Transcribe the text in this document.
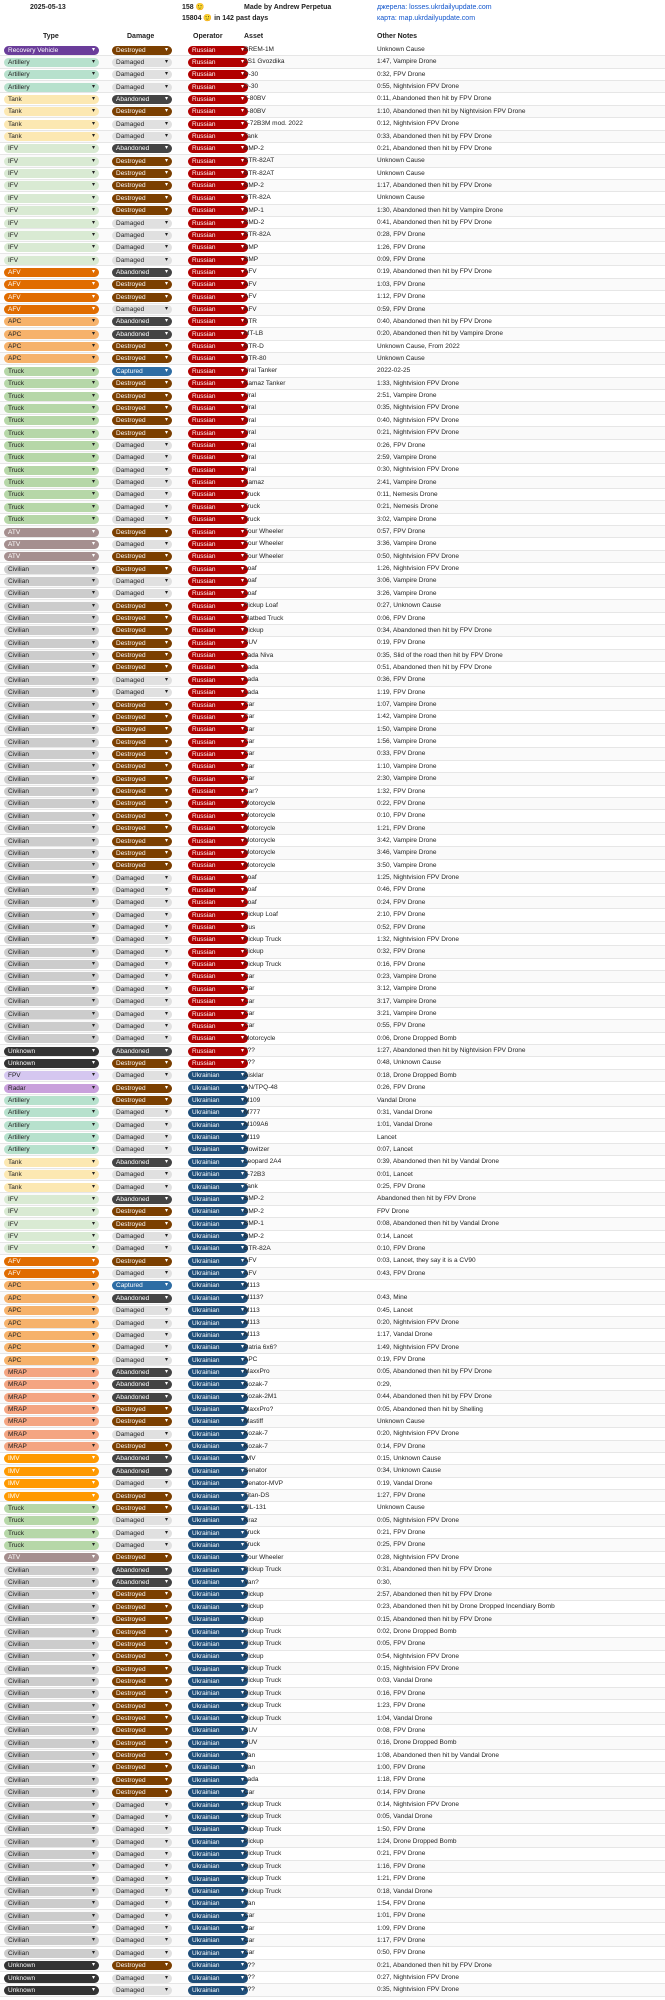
2025-05-13	158 🙂
15804 🙂 in 142 past days
Made by Andrew Perpetua	джерела: losses.ukrdailyupdate.com
карта: map.ukrdailyupdate.com
Type	Damage	Operator	Asset	Other Notes
Recovery Vehicle ▾	Destroyed ▾	Russian ▾	BREM-1M	Unknown Cause
Artillery ▾	Damaged ▾	Russian ▾	2S1 Gvozdika	1:47, Vampire Drone
Artillery ▾	Damaged ▾	Russian ▾	D-30	0:32, FPV Drone
Artillery ▾	Damaged ▾	Russian ▾	D-30	0:55, Nightvision FPV Drone
Tank ▾	Abandoned ▾	Russian ▾	T-80BV	0:11, Abandoned then hit by FPV Drone
Tank ▾	Destroyed ▾	Russian ▾	T-80BV	1:10, Abandoned then hit by Nightvision FPV Drone
Tank ▾	Damaged ▾	Russian ▾	T-72B3M mod. 2022	0:12, Nightvision FPV Drone
Tank ▾	Damaged ▾	Russian ▾	Tank	0:33, Abandoned then hit by FPV Drone
IFV ▾	Abandoned ▾	Russian ▾	BMP-2	0:21, Abandoned then hit by FPV Drone
IFV ▾	Destroyed ▾	Russian ▾	BTR-82AT	Unknown Cause
IFV ▾	Destroyed ▾	Russian ▾	BTR-82AT	Unknown Cause
IFV ▾	Destroyed ▾	Russian ▾	BMP-2	1:17, Abandoned then hit by FPV Drone
IFV ▾	Destroyed ▾	Russian ▾	BTR-82A	Unknown Cause
IFV ▾	Destroyed ▾	Russian ▾	BMP-1	1:30, Abandoned then hit by Vampire Drone
IFV ▾	Damaged ▾	Russian ▾	BMD-2	0:41, Abandoned then hit by FPV Drone
IFV ▾	Damaged ▾	Russian ▾	BTR-82A	0:28, FPV Drone
IFV ▾	Damaged ▾	Russian ▾	BMP	1:26, FPV Drone
IFV ▾	Damaged ▾	Russian ▾	BMP	0:09, FPV Drone
AFV ▾	Abandoned ▾	Russian ▾	AFV	0:19, Abandoned then hit by FPV Drone
AFV ▾	Destroyed ▾	Russian ▾	AFV	1:03, FPV Drone
AFV ▾	Destroyed ▾	Russian ▾	AFV	1:12, FPV Drone
AFV ▾	Damaged ▾	Russian ▾	AFV	0:59, FPV Drone
APC ▾	Abandoned ▾	Russian ▾	BTR	0:40, Abandoned then hit by FPV Drone
APC ▾	Abandoned ▾	Russian ▾	MT-LB	0:20, Abandoned then hit by Vampire Drone
APC ▾	Destroyed ▾	Russian ▾	BTR-D	Unknown Cause, From 2022
APC ▾	Destroyed ▾	Russian ▾	BTR-80	Unknown Cause
Truck ▾	Captured ▾	Russian ▾	Ural Tanker	2022-02-25
Truck ▾	Destroyed ▾	Russian ▾	Kamaz Tanker	1:33, Nightvision FPV Drone
Truck ▾	Destroyed ▾	Russian ▾	Ural	2:51, Vampire Drone
Truck ▾	Destroyed ▾	Russian ▾	Ural	0:35, Nightvision FPV Drone
Truck ▾	Destroyed ▾	Russian ▾	Ural	0:40, Nightvision FPV Drone
Truck ▾	Destroyed ▾	Russian ▾	Ural	0:21, Nightvision FPV Drone
Truck ▾	Damaged ▾	Russian ▾	Ural	0:26, FPV Drone
Truck ▾	Damaged ▾	Russian ▾	Ural	2:59, Vampire Drone
Truck ▾	Damaged ▾	Russian ▾	Ural	0:30, Nightvision FPV Drone
Truck ▾	Damaged ▾	Russian ▾	Kamaz	2:41, Vampire Drone
Truck ▾	Damaged ▾	Russian ▾	Truck	0:11, Nemesis Drone
Truck ▾	Damaged ▾	Russian ▾	Truck	0:21, Nemesis Drone
Truck ▾	Damaged ▾	Russian ▾	Truck	3:02, Vampire Drone
ATV ▾	Destroyed ▾	Russian ▾	Four Wheeler	0:57, FPV Drone
ATV ▾	Damaged ▾	Russian ▾	Four Wheeler	3:36, Vampire Drone
ATV ▾	Destroyed ▾	Russian ▾	Four Wheeler	0:50, Nightvision FPV Drone
Civilian ▾	Destroyed ▾	Russian ▾	Loaf	1:26, Nightvision FPV Drone
Civilian ▾	Damaged ▾	Russian ▾	Loaf	3:06, Vampire Drone
Civilian ▾	Damaged ▾	Russian ▾	Loaf	3:26, Vampire Drone
Civilian ▾	Destroyed ▾	Russian ▾	Pickup Loaf	0:27, Unknown Cause
Civilian ▾	Destroyed ▾	Russian ▾	Flatbed Truck	0:06, FPV Drone
Civilian ▾	Destroyed ▾	Russian ▾	Pickup	0:34, Abandoned then hit by FPV Drone
Civilian ▾	Destroyed ▾	Russian ▾	SUV	0:19, FPV Drone
Civilian ▾	Destroyed ▾	Russian ▾	Lada Niva	0:35, Slid of the road then hit by FPV Drone
Civilian ▾	Destroyed ▾	Russian ▾	Lada	0:51, Abandoned then hit by FPV Drone
Civilian ▾	Damaged ▾	Russian ▾	Lada	0:36, FPV Drone
Civilian ▾	Damaged ▾	Russian ▾	Lada	1:19, FPV Drone
Civilian ▾	Destroyed ▾	Russian ▾	Car	1:07, Vampire Drone
Civilian ▾	Destroyed ▾	Russian ▾	Car	1:42, Vampire Drone
Civilian ▾	Destroyed ▾	Russian ▾	Car	1:50, Vampire Drone
Civilian ▾	Destroyed ▾	Russian ▾	Car	1:56, Vampire Drone
Civilian ▾	Destroyed ▾	Russian ▾	Car	0:33, FPV Drone
Civilian ▾	Destroyed ▾	Russian ▾	Car	1:10, Vampire Drone
Civilian ▾	Destroyed ▾	Russian ▾	Car	2:30, Vampire Drone
Civilian ▾	Destroyed ▾	Russian ▾	Car?	1:32, FPV Drone
Civilian ▾	Destroyed ▾	Russian ▾	Motorcycle	0:22, FPV Drone
Civilian ▾	Destroyed ▾	Russian ▾	Motorcycle	0:10, FPV Drone
Civilian ▾	Destroyed ▾	Russian ▾	Motorcycle	1:21, FPV Drone
Civilian ▾	Destroyed ▾	Russian ▾	Motorcycle	3:42, Vampire Drone
Civilian ▾	Destroyed ▾	Russian ▾	Motorcycle	3:46, Vampire Drone
Civilian ▾	Destroyed ▾	Russian ▾	Motorcycle	3:50, Vampire Drone
Civilian ▾	Damaged ▾	Russian ▾	Loaf	1:25, Nightvision FPV Drone
Civilian ▾	Damaged ▾	Russian ▾	Loaf	0:46, FPV Drone
Civilian ▾	Damaged ▾	Russian ▾	Loaf	0:24, FPV Drone
Civilian ▾	Damaged ▾	Russian ▾	Pickup Loaf	2:10, FPV Drone
Civilian ▾	Damaged ▾	Russian ▾	Bus	0:52, FPV Drone
Civilian ▾	Damaged ▾	Russian ▾	Pickup Truck	1:32, Nightvision FPV Drone
Civilian ▾	Damaged ▾	Russian ▾	Pickup	0:32, FPV Drone
Civilian ▾	Damaged ▾	Russian ▾	Pickup Truck	0:16, FPV Drone
Civilian ▾	Damaged ▾	Russian ▾	Car	0:23, Vampire Drone
Civilian ▾	Damaged ▾	Russian ▾	Car	3:12, Vampire Drone
Civilian ▾	Damaged ▾	Russian ▾	Car	3:17, Vampire Drone
Civilian ▾	Damaged ▾	Russian ▾	Car	3:21, Vampire Drone
Civilian ▾	Damaged ▾	Russian ▾	Car	0:55, FPV Drone
Civilian ▾	Damaged ▾	Russian ▾	Motorcycle	0:06, Drone Dropped Bomb
Unknown ▾	Abandoned ▾	Russian ▾	???	1:27, Abandoned then hit by Nightvision FPV Drone
Unknown ▾	Destroyed ▾	Russian ▾	???	0:48, Unknown Cause
FPV ▾	Damaged ▾	Ukrainian ▾	Aisklar	0:18, Drone Dropped Bomb
Radar ▾	Destroyed ▾	Ukrainian ▾	AN/TPQ-48	0:26, FPV Drone
Artillery ▾	Destroyed ▾	Ukrainian ▾	M109	Vandal Drone
Artillery ▾	Damaged ▾	Ukrainian ▾	M777	0:31, Vandal Drone
Artillery ▾	Damaged ▾	Ukrainian ▾	M109A6	1:01, Vandal Drone
Artillery ▾	Damaged ▾	Ukrainian ▾	M119	Lancet
Artillery ▾	Damaged ▾	Ukrainian ▾	Howitzer	0:07, Lancet
Tank ▾	Abandoned ▾	Ukrainian ▾	Leopard 2A4	0:39, Abandoned then hit by Vandal Drone
Tank ▾	Damaged ▾	Ukrainian ▾	T-72B3	0:01, Lancet
Tank ▾	Damaged ▾	Ukrainian ▾	Tank	0:25, FPV Drone
IFV ▾	Abandoned ▾	Ukrainian ▾	BMP-2	Abandoned then hit by FPV Drone
IFV ▾	Destroyed ▾	Ukrainian ▾	BMP-2	FPV Drone
IFV ▾	Destroyed ▾	Ukrainian ▾	BMP-1	0:08, Abandoned then hit by Vandal Drone
IFV ▾	Damaged ▾	Ukrainian ▾	BMP-2	0:14, Lancet
IFV ▾	Damaged ▾	Ukrainian ▾	BTR-82A	0:10, FPV Drone
AFV ▾	Destroyed ▾	Ukrainian ▾	AFV	0:03, Lancet, they say it is a CV90
AFV ▾	Damaged ▾	Ukrainian ▾	AFV	0:43, FPV Drone
APC ▾	Captured ▾	Ukrainian ▾	M113
APC ▾	Abandoned ▾	Ukrainian ▾	M113?	0:43, Mine
APC ▾	Damaged ▾	Ukrainian ▾	M113	0:45, Lancet
APC ▾	Damaged ▾	Ukrainian ▾	M113	0:20, Nightvision FPV Drone
APC ▾	Damaged ▾	Ukrainian ▾	M113	1:17, Vandal Drone
APC ▾	Damaged ▾	Ukrainian ▾	Patria 6x6?	1:49, Nightvision FPV Drone
APC ▾	Damaged ▾	Ukrainian ▾	APC	0:19, FPV Drone
MRAP ▾	Abandoned ▾	Ukrainian ▾	MaxxPro	0:05, Abandoned then hit by FPV Drone
MRAP ▾	Abandoned ▾	Ukrainian ▾	Kozak-7	0:29,
MRAP ▾	Abandoned ▾	Ukrainian ▾	Kozak-2M1	0:44, Abandoned then hit by FPV Drone
MRAP ▾	Destroyed ▾	Ukrainian ▾	MaxxPro?	0:05, Abandoned then hit by Shelling
MRAP ▾	Destroyed ▾	Ukrainian ▾	Mastiff	Unknown Cause
MRAP ▾	Damaged ▾	Ukrainian ▾	Kozak-7	0:20, Nightvision FPV Drone
MRAP ▾	Destroyed ▾	Ukrainian ▾	Kozak-7	0:14, FPV Drone
IMV ▾	Abandoned ▾	Ukrainian ▾	IMV	0:15, Unknown Cause
IMV ▾	Abandoned ▾	Ukrainian ▾	Senator	0:34, Unknown Cause
IMV ▾	Damaged ▾	Ukrainian ▾	Senator-MVP	0:19, Vandal Drone
IMV ▾	Destroyed ▾	Ukrainian ▾	Titan-DS	1:27, FPV Drone
Truck ▾	Destroyed ▾	Ukrainian ▾	ZIL-131	Unknown Cause
Truck ▾	Damaged ▾	Ukrainian ▾	Kraz	0:05, Nightvision FPV Drone
Truck ▾	Damaged ▾	Ukrainian ▾	Truck	0:21, FPV Drone
Truck ▾	Damaged ▾	Ukrainian ▾	Truck	0:25, FPV Drone
ATV ▾	Destroyed ▾	Ukrainian ▾	Four Wheeler	0:28, Nightvision FPV Drone
Civilian ▾	Abandoned ▾	Ukrainian ▾	Pickup Truck	0:31, Abandoned then hit by FPV Drone
Civilian ▾	Abandoned ▾	Ukrainian ▾	Van?	0:30,
Civilian ▾	Destroyed ▾	Ukrainian ▾	Pickup	2:57, Abandoned then hit by FPV Drone
Civilian ▾	Destroyed ▾	Ukrainian ▾	Pickup	0:23, Abandoned then hit by Drone Dropped Incendiary Bomb
Civilian ▾	Destroyed ▾	Ukrainian ▾	Pickup	0:15, Abandoned then hit by FPV Drone
Civilian ▾	Destroyed ▾	Ukrainian ▾	Pickup Truck	0:02, Drone Dropped Bomb
Civilian ▾	Destroyed ▾	Ukrainian ▾	Pickup Truck	0:05, FPV Drone
Civilian ▾	Destroyed ▾	Ukrainian ▾	Pickup	0:54, Nightvision FPV Drone
Civilian ▾	Destroyed ▾	Ukrainian ▾	Pickup Truck	0:15, Nightvision FPV Drone
Civilian ▾	Destroyed ▾	Ukrainian ▾	Pickup Truck	0:03, Vandal Drone
Civilian ▾	Destroyed ▾	Ukrainian ▾	Pickup Truck	0:16, FPV Drone
Civilian ▾	Destroyed ▾	Ukrainian ▾	Pickup Truck	1:23, FPV Drone
Civilian ▾	Destroyed ▾	Ukrainian ▾	Pickup Truck	1:04, Vandal Drone
Civilian ▾	Destroyed ▾	Ukrainian ▾	SUV	0:08, FPV Drone
Civilian ▾	Destroyed ▾	Ukrainian ▾	SUV	0:16, Drone Dropped Bomb
Civilian ▾	Destroyed ▾	Ukrainian ▾	Van	1:08, Abandoned then hit by Vandal Drone
Civilian ▾	Destroyed ▾	Ukrainian ▾	Van	1:00, FPV Drone
Civilian ▾	Destroyed ▾	Ukrainian ▾	Lada	1:18, FPV Drone
Civilian ▾	Destroyed ▾	Ukrainian ▾	Car	0:14, FPV Drone
Civilian ▾	Damaged ▾	Ukrainian ▾	Pickup Truck	0:14, Nightvision FPV Drone
Civilian ▾	Damaged ▾	Ukrainian ▾	Pickup Truck	0:05, Vandal Drone
Civilian ▾	Damaged ▾	Ukrainian ▾	Pickup Truck	1:50, FPV Drone
Civilian ▾	Damaged ▾	Ukrainian ▾	Pickup	1:24, Drone Dropped Bomb
Civilian ▾	Damaged ▾	Ukrainian ▾	Pickup Truck	0:21, FPV Drone
Civilian ▾	Damaged ▾	Ukrainian ▾	Pickup Truck	1:16, FPV Drone
Civilian ▾	Damaged ▾	Ukrainian ▾	Pickup Truck	1:21, FPV Drone
Civilian ▾	Damaged ▾	Ukrainian ▾	Pickup Truck	0:18, Vandal Drone
Civilian ▾	Damaged ▾	Ukrainian ▾	Van	1:54, FPV Drone
Civilian ▾	Damaged ▾	Ukrainian ▾	Car	1:01, FPV Drone
Civilian ▾	Damaged ▾	Ukrainian ▾	Car	1:09, FPV Drone
Civilian ▾	Damaged ▾	Ukrainian ▾	Car	1:17, FPV Drone
Civilian ▾	Damaged ▾	Ukrainian ▾	Car	0:50, FPV Drone
Unknown ▾	Destroyed ▾	Ukrainian ▾	???	0:21, Abandoned then hit by FPV Drone
Unknown ▾	Damaged ▾	Ukrainian ▾	???	0:27, Nightvision FPV Drone
Unknown ▾	Damaged ▾	Ukrainian ▾	???	0:35, Nightvision FPV Drone
